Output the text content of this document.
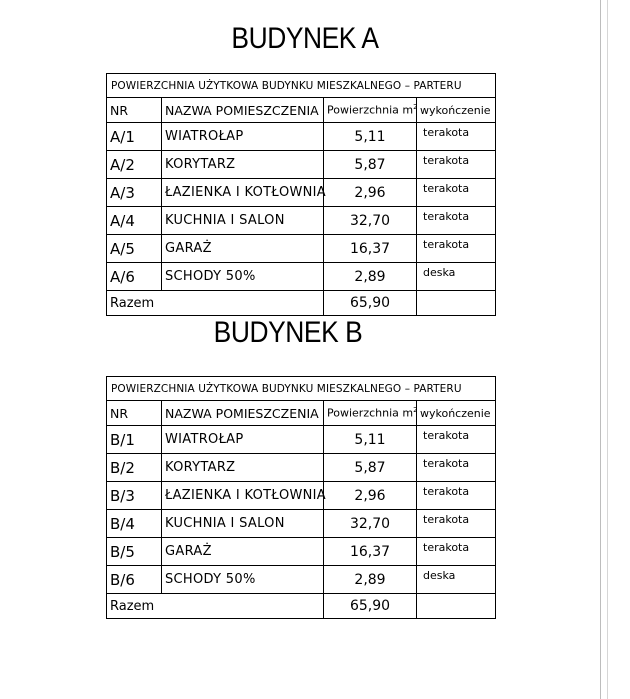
BUDYNEK A
POWIERZCHNIA UŻYTKOWA BUDYNKU MIESZKALNEGO – PARTERU			
NR	NAZWA POMIESZCZENIA	Powierzchnia $m^2$	wykończenie
A/1	WIATROŁAP	5,11	terakota
A/2	KORYTARZ	5,87	terakota
A/3	ŁAZIENKA I KOTŁOWNIA	2,96	terakota
A/4	KUCHNIA I SALON	32,70	terakota
A/5	GARAŻ	16,37	terakota
A/6	SCHODY 50%	2,89	deska
Razem		65,90	
BUDYNEK B
POWIERZCHNIA UŻYTKOWA BUDYNKU MIESZKALNEGO – PARTERU			
NR	NAZWA POMIESZCZENIA	Powierzchnia $m^2$	wykończenie
B/1	WIATROŁAP	5,11	terakota
B/2	KORYTARZ	5,87	terakota
B/3	ŁAZIENKA I KOTŁOWNIA	2,96	terakota
B/4	KUCHNIA I SALON	32,70	terakota
B/5	GARAŻ	16,37	terakota
B/6	SCHODY 50%	2,89	deska
Razem		65,90	
